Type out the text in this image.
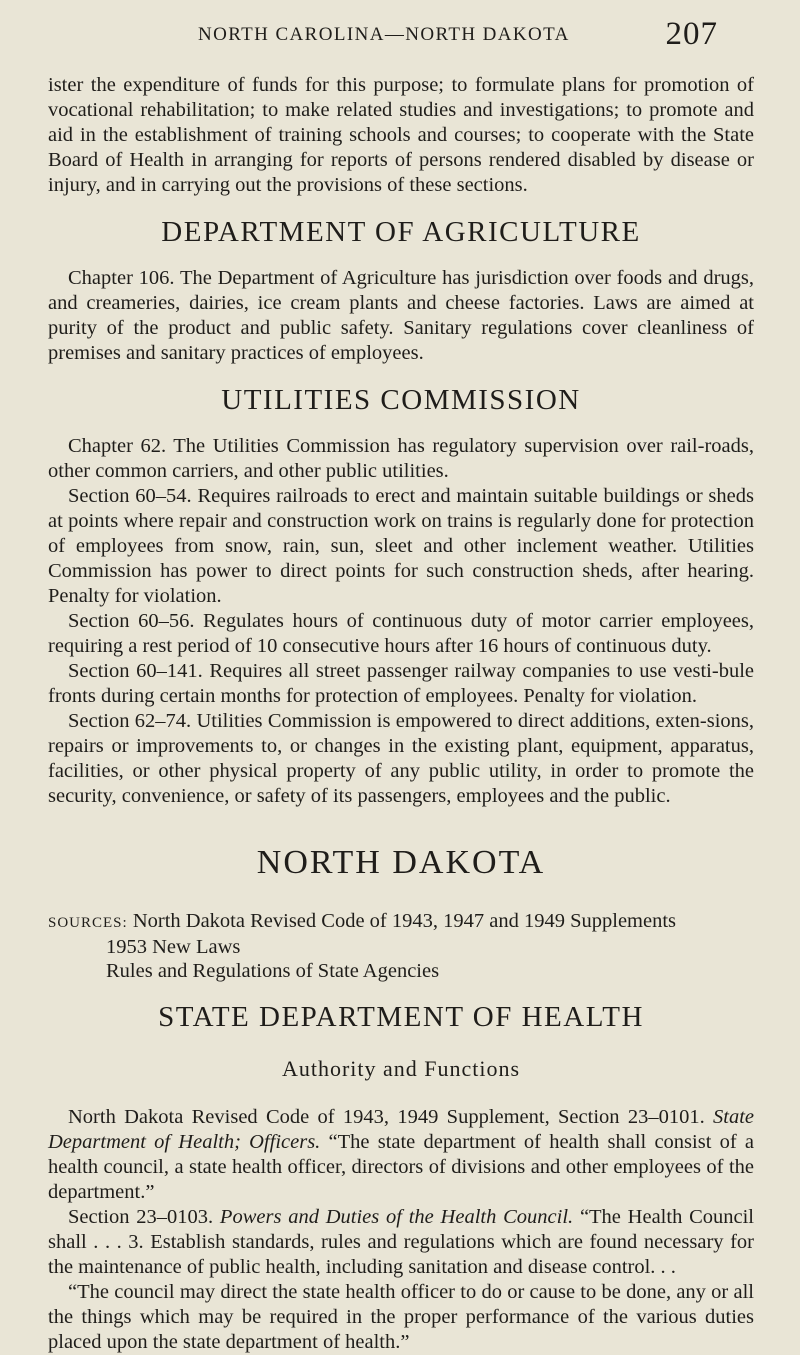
NORTH CAROLINA—NORTH DAKOTA	207

ister the expenditure of funds for this purpose; to formulate plans for promotion of vocational rehabilitation; to make related studies and investigations; to promote and aid in the establishment of training schools and courses; to cooperate with the State Board of Health in arranging for reports of persons rendered disabled by disease or injury, and in carrying out the provisions of these sections.

DEPARTMENT OF AGRICULTURE

Chapter 106. The Department of Agriculture has jurisdiction over foods and drugs, and creameries, dairies, ice cream plants and cheese factories. Laws are aimed at purity of the product and public safety. Sanitary regulations cover cleanliness of premises and sanitary practices of employees.

UTILITIES COMMISSION

Chapter 62. The Utilities Commission has regulatory supervision over rail-roads, other common carriers, and other public utilities.

Section 60–54. Requires railroads to erect and maintain suitable buildings or sheds at points where repair and construction work on trains is regularly done for protection of employees from snow, rain, sun, sleet and other inclement weather. Utilities Commission has power to direct points for such construction sheds, after hearing. Penalty for violation.

Section 60–56. Regulates hours of continuous duty of motor carrier employees, requiring a rest period of 10 consecutive hours after 16 hours of continuous duty.

Section 60–141. Requires all street passenger railway companies to use vesti-bule fronts during certain months for protection of employees. Penalty for violation.

Section 62–74. Utilities Commission is empowered to direct additions, exten-sions, repairs or improvements to, or changes in the existing plant, equipment, apparatus, facilities, or other physical property of any public utility, in order to promote the security, convenience, or safety of its passengers, employees and the public.

NORTH DAKOTA
SOURCES: North Dakota Revised Code of 1943, 1947 and 1949 Supplements
1953 New Laws
Rules and Regulations of State Agencies
STATE DEPARTMENT OF HEALTH
Authority and Functions

North Dakota Revised Code of 1943, 1949 Supplement, Section 23–0101. State Department of Health; Officers. “The state department of health shall consist of a health council, a state health officer, directors of divisions and other employees of the department.”

Section 23–0103. Powers and Duties of the Health Council. “The Health Council shall . . . 3. Establish standards, rules and regulations which are found necessary for the maintenance of public health, including sanitation and disease control. . .

“The council may direct the state health officer to do or cause to be done, any or all the things which may be required in the proper performance of the various duties placed upon the state department of health.”
